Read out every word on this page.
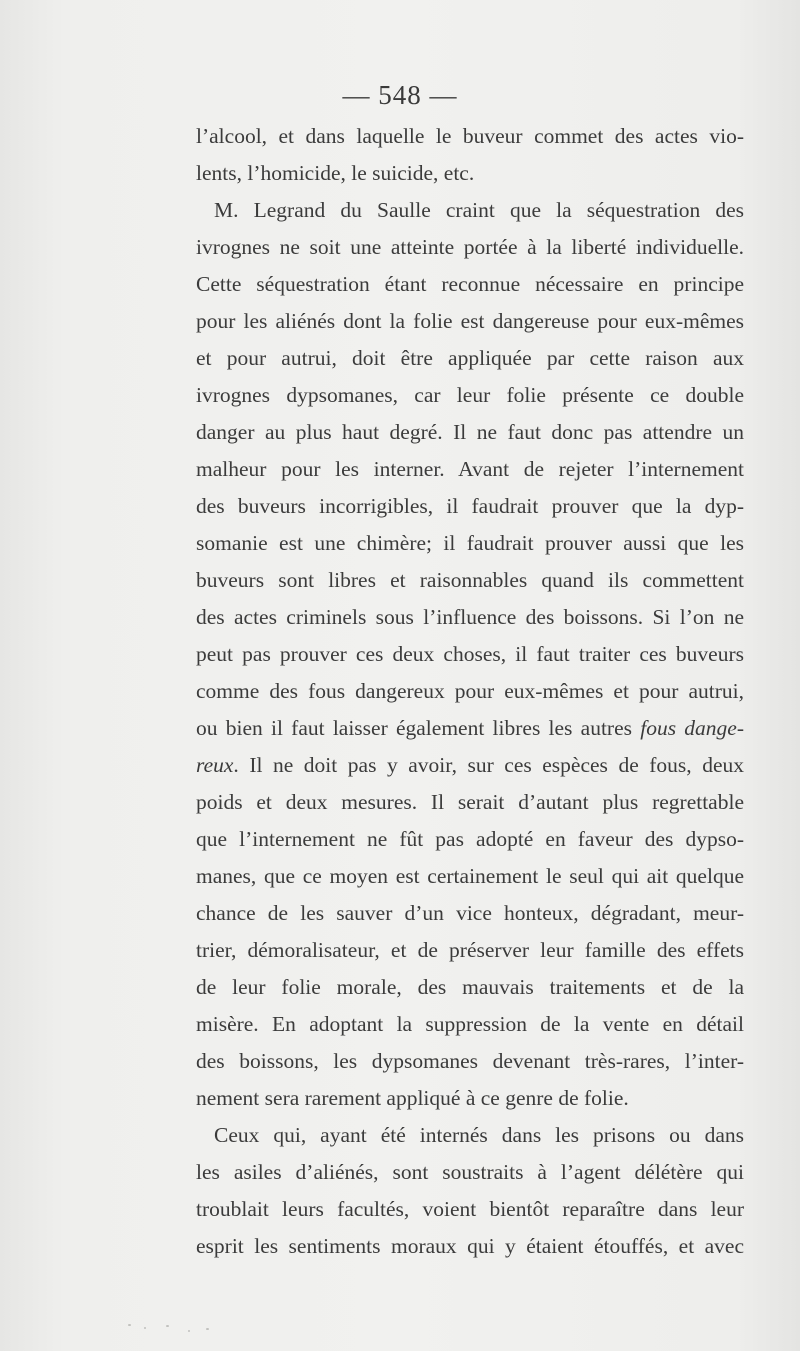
— 548 —
l’alcool, et dans laquelle le buveur commet des actes vio-
lents, l’homicide, le suicide, etc.
M. Legrand du Saulle craint que la séquestration des
ivrognes ne soit une atteinte portée à la liberté individuelle.
Cette séquestration étant reconnue nécessaire en principe
pour les aliénés dont la folie est dangereuse pour eux-mêmes
et pour autrui, doit être appliquée par cette raison aux
ivrognes dypsomanes, car leur folie présente ce double
danger au plus haut degré. Il ne faut donc pas attendre un
malheur pour les interner. Avant de rejeter l’internement
des buveurs incorrigibles, il faudrait prouver que la dyp-
somanie est une chimère; il faudrait prouver aussi que les
buveurs sont libres et raisonnables quand ils commettent
des actes criminels sous l’influence des boissons. Si l’on ne
peut pas prouver ces deux choses, il faut traiter ces buveurs
comme des fous dangereux pour eux-mêmes et pour autrui,
ou bien il faut laisser également libres les autres fous dange-
reux. Il ne doit pas y avoir, sur ces espèces de fous, deux
poids et deux mesures. Il serait d’autant plus regrettable
que l’internement ne fût pas adopté en faveur des dypso-
manes, que ce moyen est certainement le seul qui ait quelque
chance de les sauver d’un vice honteux, dégradant, meur-
trier, démoralisateur, et de préserver leur famille des effets
de leur folie morale, des mauvais traitements et de la
misère. En adoptant la suppression de la vente en détail
des boissons, les dypsomanes devenant très-rares, l’inter-
nement sera rarement appliqué à ce genre de folie.
Ceux qui, ayant été internés dans les prisons ou dans
les asiles d’aliénés, sont soustraits à l’agent délétère qui
troublait leurs facultés, voient bientôt reparaître dans leur
esprit les sentiments moraux qui y étaient étouffés, et avec
